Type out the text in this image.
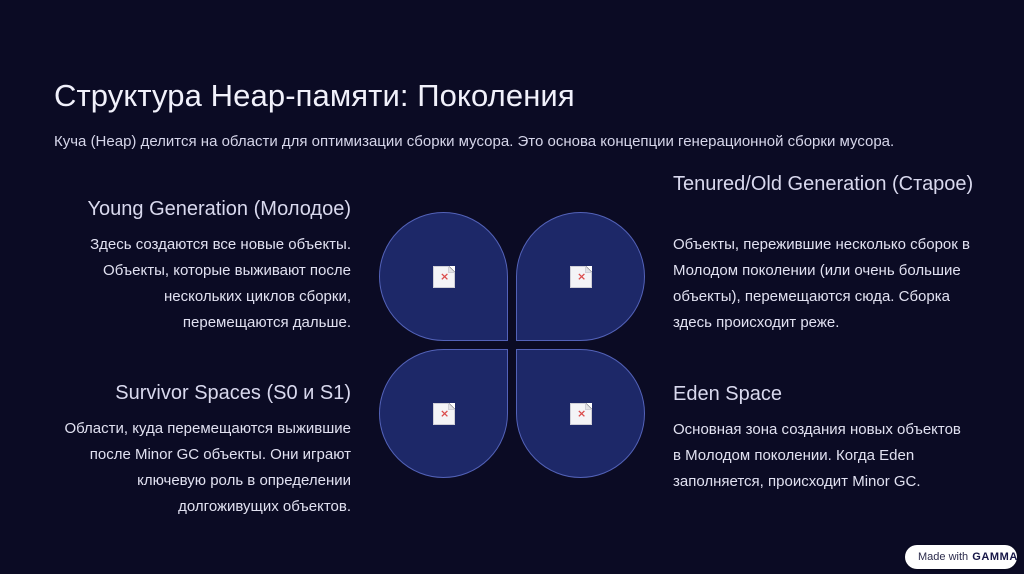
Структура Heap-памяти: Поколения
Куча (Heap) делится на области для оптимизации сборки мусора. Это основа концепции генерационной сборки мусора.
Young Generation (Молодое)

Здесь создаются все новые объекты. Объекты, которые выживают после нескольких циклов сборки, перемещаются дальше.

Survivor Spaces (S0 и S1)

Области, куда перемещаются выжившие после Minor GC объекты. Они играют ключевую роль в определении долгоживущих объектов.

Tenured/Old Generation (Старое)

Объекты, пережившие несколько сборок в Молодом поколении (или очень большие объекты), перемещаются сюда. Сборка здесь происходит реже.

Eden Space

Основная зона создания новых объектов в Молодом поколении. Когда Eden заполняется, происходит Minor GC.

×
×
×
×
Made with GAMMA
